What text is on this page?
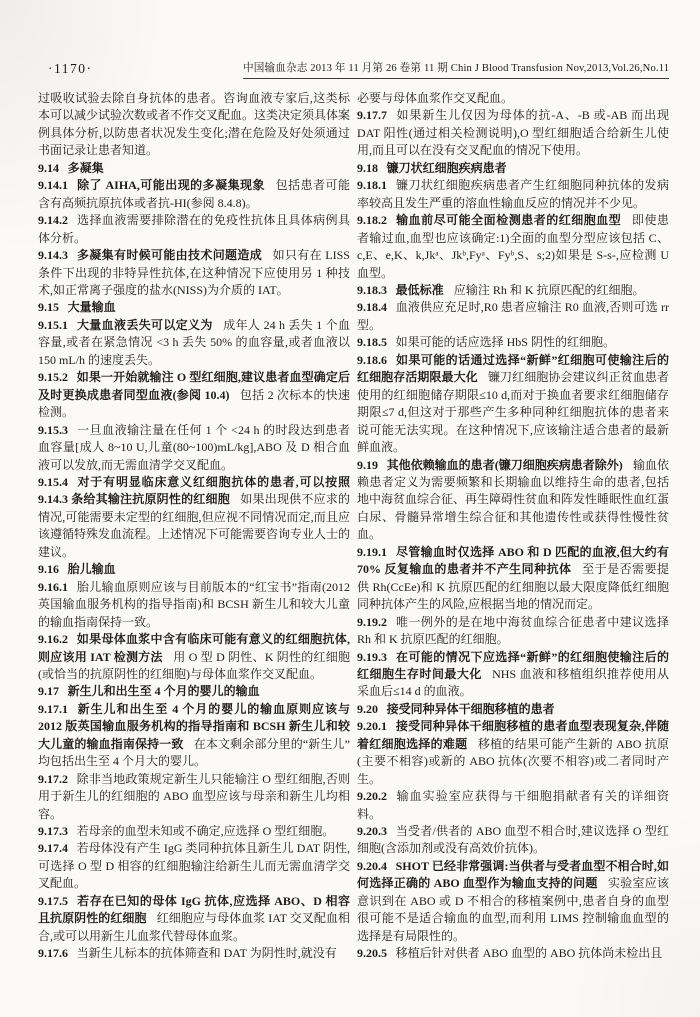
·1170·	中国输血杂志 2013 年 11 月第 26 卷第 11 期 Chin J Blood Transfusion Nov,2013,Vol.26,No.11

过吸收试验去除自身抗体的患者。咨询血液专家后,这类标本可以减少试验次数或者不作交叉配血。这类决定须具体案例具体分析,以防患者状况发生变化;潜在危险及好处须通过书面记录让患者知道。

9.14 多凝集

9.14.1 除了 AIHA,可能出现的多凝集现象 包括患者可能含有高频抗原抗体或者抗-HI(参阅 8.4.8)。

9.14.2 选择血液需要排除潜在的免疫性抗体且具体病例具体分析。

9.14.3 多凝集有时候可能由技术问题造成 如只有在 LISS 条件下出现的非特异性抗体,在这种情况下应使用另 1 种技术,如正常离子强度的盐水(NISS)为介质的 IAT。

9.15 大量输血

9.15.1 大量血液丢失可以定义为 成年人 24 h 丢失 1 个血容量,或者在紧急情况 <3 h 丢失 50% 的血容量,或者血液以 150 mL/h 的速度丢失。

9.15.2 如果一开始就输注 O 型红细胞,建议患者血型确定后及时更换成患者同型血液(参阅 10.4) 包括 2 次标本的快速检测。

9.15.3 一旦血液输注量在任何 1 个 <24 h 的时段达到患者血容量[成人 8~10 U,儿童(80~100)mL/kg],ABO 及 D 相合血液可以发放,而无需血清学交叉配血。

9.15.4 对于有明显临床意义红细胞抗体的患者,可以按照 9.14.3 条给其输注抗原阴性的红细胞 如果出现供不应求的情况,可能需要未定型的红细胞,但应视不同情况而定,而且应该遵循特殊发血流程。上述情况下可能需要咨询专业人士的建议。

9.16 胎儿输血

9.16.1 胎儿输血原则应该与目前版本的“红宝书”指南(2012 英国输血服务机构的指导指南)和 BCSH 新生儿和较大儿童的输血指南保持一致。

9.16.2 如果母体血浆中含有临床可能有意义的红细胞抗体,则应该用 IAT 检测方法 用 O 型 D 阴性、K 阴性的红细胞(或恰当的抗原阴性的红细胞)与母体血浆作交叉配血。

9.17 新生儿和出生至 4 个月的婴儿的输血

9.17.1 新生儿和出生至 4 个月的婴儿的输血原则应该与 2012 版英国输血服务机构的指导指南和 BCSH 新生儿和较大儿童的输血指南保持一致 在本文剩余部分里的“新生儿”均包括出生至 4 个月大的婴儿。

9.17.2 除非当地政策规定新生儿只能输注 O 型红细胞,否则用于新生儿的红细胞的 ABO 血型应该与母亲和新生儿均相容。

9.17.3 若母亲的血型未知或不确定,应选择 O 型红细胞。

9.17.4 若母体没有产生 IgG 类同种抗体且新生儿 DAT 阴性,可选择 O 型 D 相容的红细胞输注给新生儿而无需血清学交叉配血。

9.17.5 若存在已知的母体 IgG 抗体,应选择 ABO、D 相容且抗原阴性的红细胞 红细胞应与母体血浆 IAT 交叉配血相合,或可以用新生儿血浆代替母体血浆。

9.17.6 当新生儿标本的抗体筛查和 DAT 为阴性时,就没有

必要与母体血浆作交叉配血。

9.17.7 如果新生儿仅因为母体的抗-A、-B 或-AB 而出现 DAT 阳性(通过相关检测说明),O 型红细胞适合给新生儿使用,而且可以在没有交叉配血的情况下使用。

9.18 镰刀状红细胞疾病患者

9.18.1 镰刀状红细胞疾病患者产生红细胞同种抗体的发病率较高且发生严重的溶血性输血反应的情况并不少见。

9.18.2 输血前尽可能全面检测患者的红细胞血型 即使患者输过血,血型也应该确定:1)全面的血型分型应该包括 C、c,E、e,K、k,Jkᵃ、Jkᵇ,Fyᵃ、Fyᵇ,S、s;2)如果是 S-s-,应检测 U 血型。

9.18.3 最低标准 应输注 Rh 和 K 抗原匹配的红细胞。

9.18.4 血液供应充足时,R0 患者应输注 R0 血液,否则可选 rr 型。

9.18.5 如果可能的话应选择 HbS 阴性的红细胞。

9.18.6 如果可能的话通过选择“新鲜”红细胞可使输注后的红细胞存活期限最大化 镰刀红细胞协会建议纠正贫血患者使用的红细胞储存期限≤10 d,而对于换血者要求红细胞储存期限≤7 d,但这对于那些产生多种同种红细胞抗体的患者来说可能无法实现。在这种情况下,应该输注适合患者的最新鲜血液。

9.19 其他依赖输血的患者(镰刀细胞疾病患者除外) 输血依赖患者定义为需要频繁和长期输血以维持生命的患者,包括地中海贫血综合征、再生障碍性贫血和阵发性睡眠性血红蛋白尿、骨髓异常增生综合征和其他遗传性或获得性慢性贫血。

9.19.1 尽管输血时仅选择 ABO 和 D 匹配的血液,但大约有 70% 反复输血的患者并不产生同种抗体 至于是否需要提供 Rh(CcEe)和 K 抗原匹配的红细胞以最大限度降低红细胞同种抗体产生的风险,应根据当地的情况而定。

9.19.2 唯一例外的是在地中海贫血综合征患者中建议选择 Rh 和 K 抗原匹配的红细胞。

9.19.3 在可能的情况下应选择“新鲜”的红细胞使输注后的红细胞生存时间最大化 NHS 血液和移植组织推荐使用从采血后≤14 d 的血液。

9.20 接受同种异体干细胞移植的患者

9.20.1 接受同种异体干细胞移植的患者血型表现复杂,伴随着红细胞选择的难题 移植的结果可能产生新的 ABO 抗原(主要不相容)或新的 ABO 抗体(次要不相容)或二者同时产生。

9.20.2 输血实验室应获得与干细胞捐献者有关的详细资料。

9.20.3 当受者/供者的 ABO 血型不相合时,建议选择 O 型红细胞(含添加剂或没有高效价抗体)。

9.20.4 SHOT 已经非常强调:当供者与受者血型不相合时,如何选择正确的 ABO 血型作为输血支持的问题 实验室应该意识到在 ABO 或 D 不相合的移植案例中,患者自身的血型很可能不是适合输血的血型,而利用 LIMS 控制输血血型的选择是有局限性的。

9.20.5 移植后针对供者 ABO 血型的 ABO 抗体尚未检出且
